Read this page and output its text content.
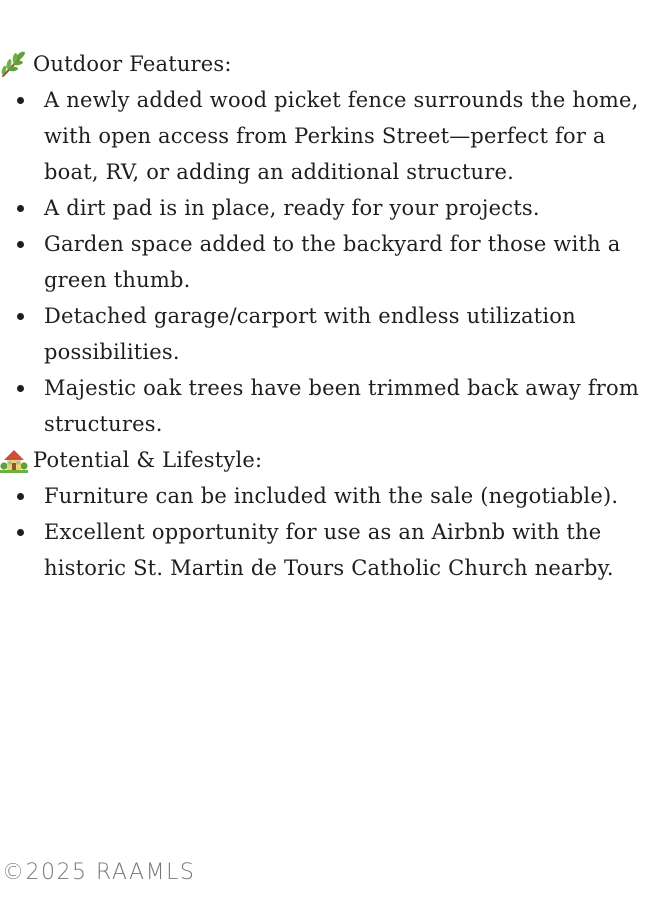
Outdoor Features:
A newly added wood picket fence surrounds the home, with open access from Perkins Street—perfect for a boat, RV, or adding an additional structure.
A dirt pad is in place, ready for your projects.
Garden space added to the backyard for those with a green thumb.
Detached garage/carport with endless utilization possibilities.
Majestic oak trees have been trimmed back away from structures.
Potential & Lifestyle:
Furniture can be included with the sale (negotiable).
Excellent opportunity for use as an Airbnb with the historic St. Martin de Tours Catholic Church nearby.
©2025 RAAMLS
